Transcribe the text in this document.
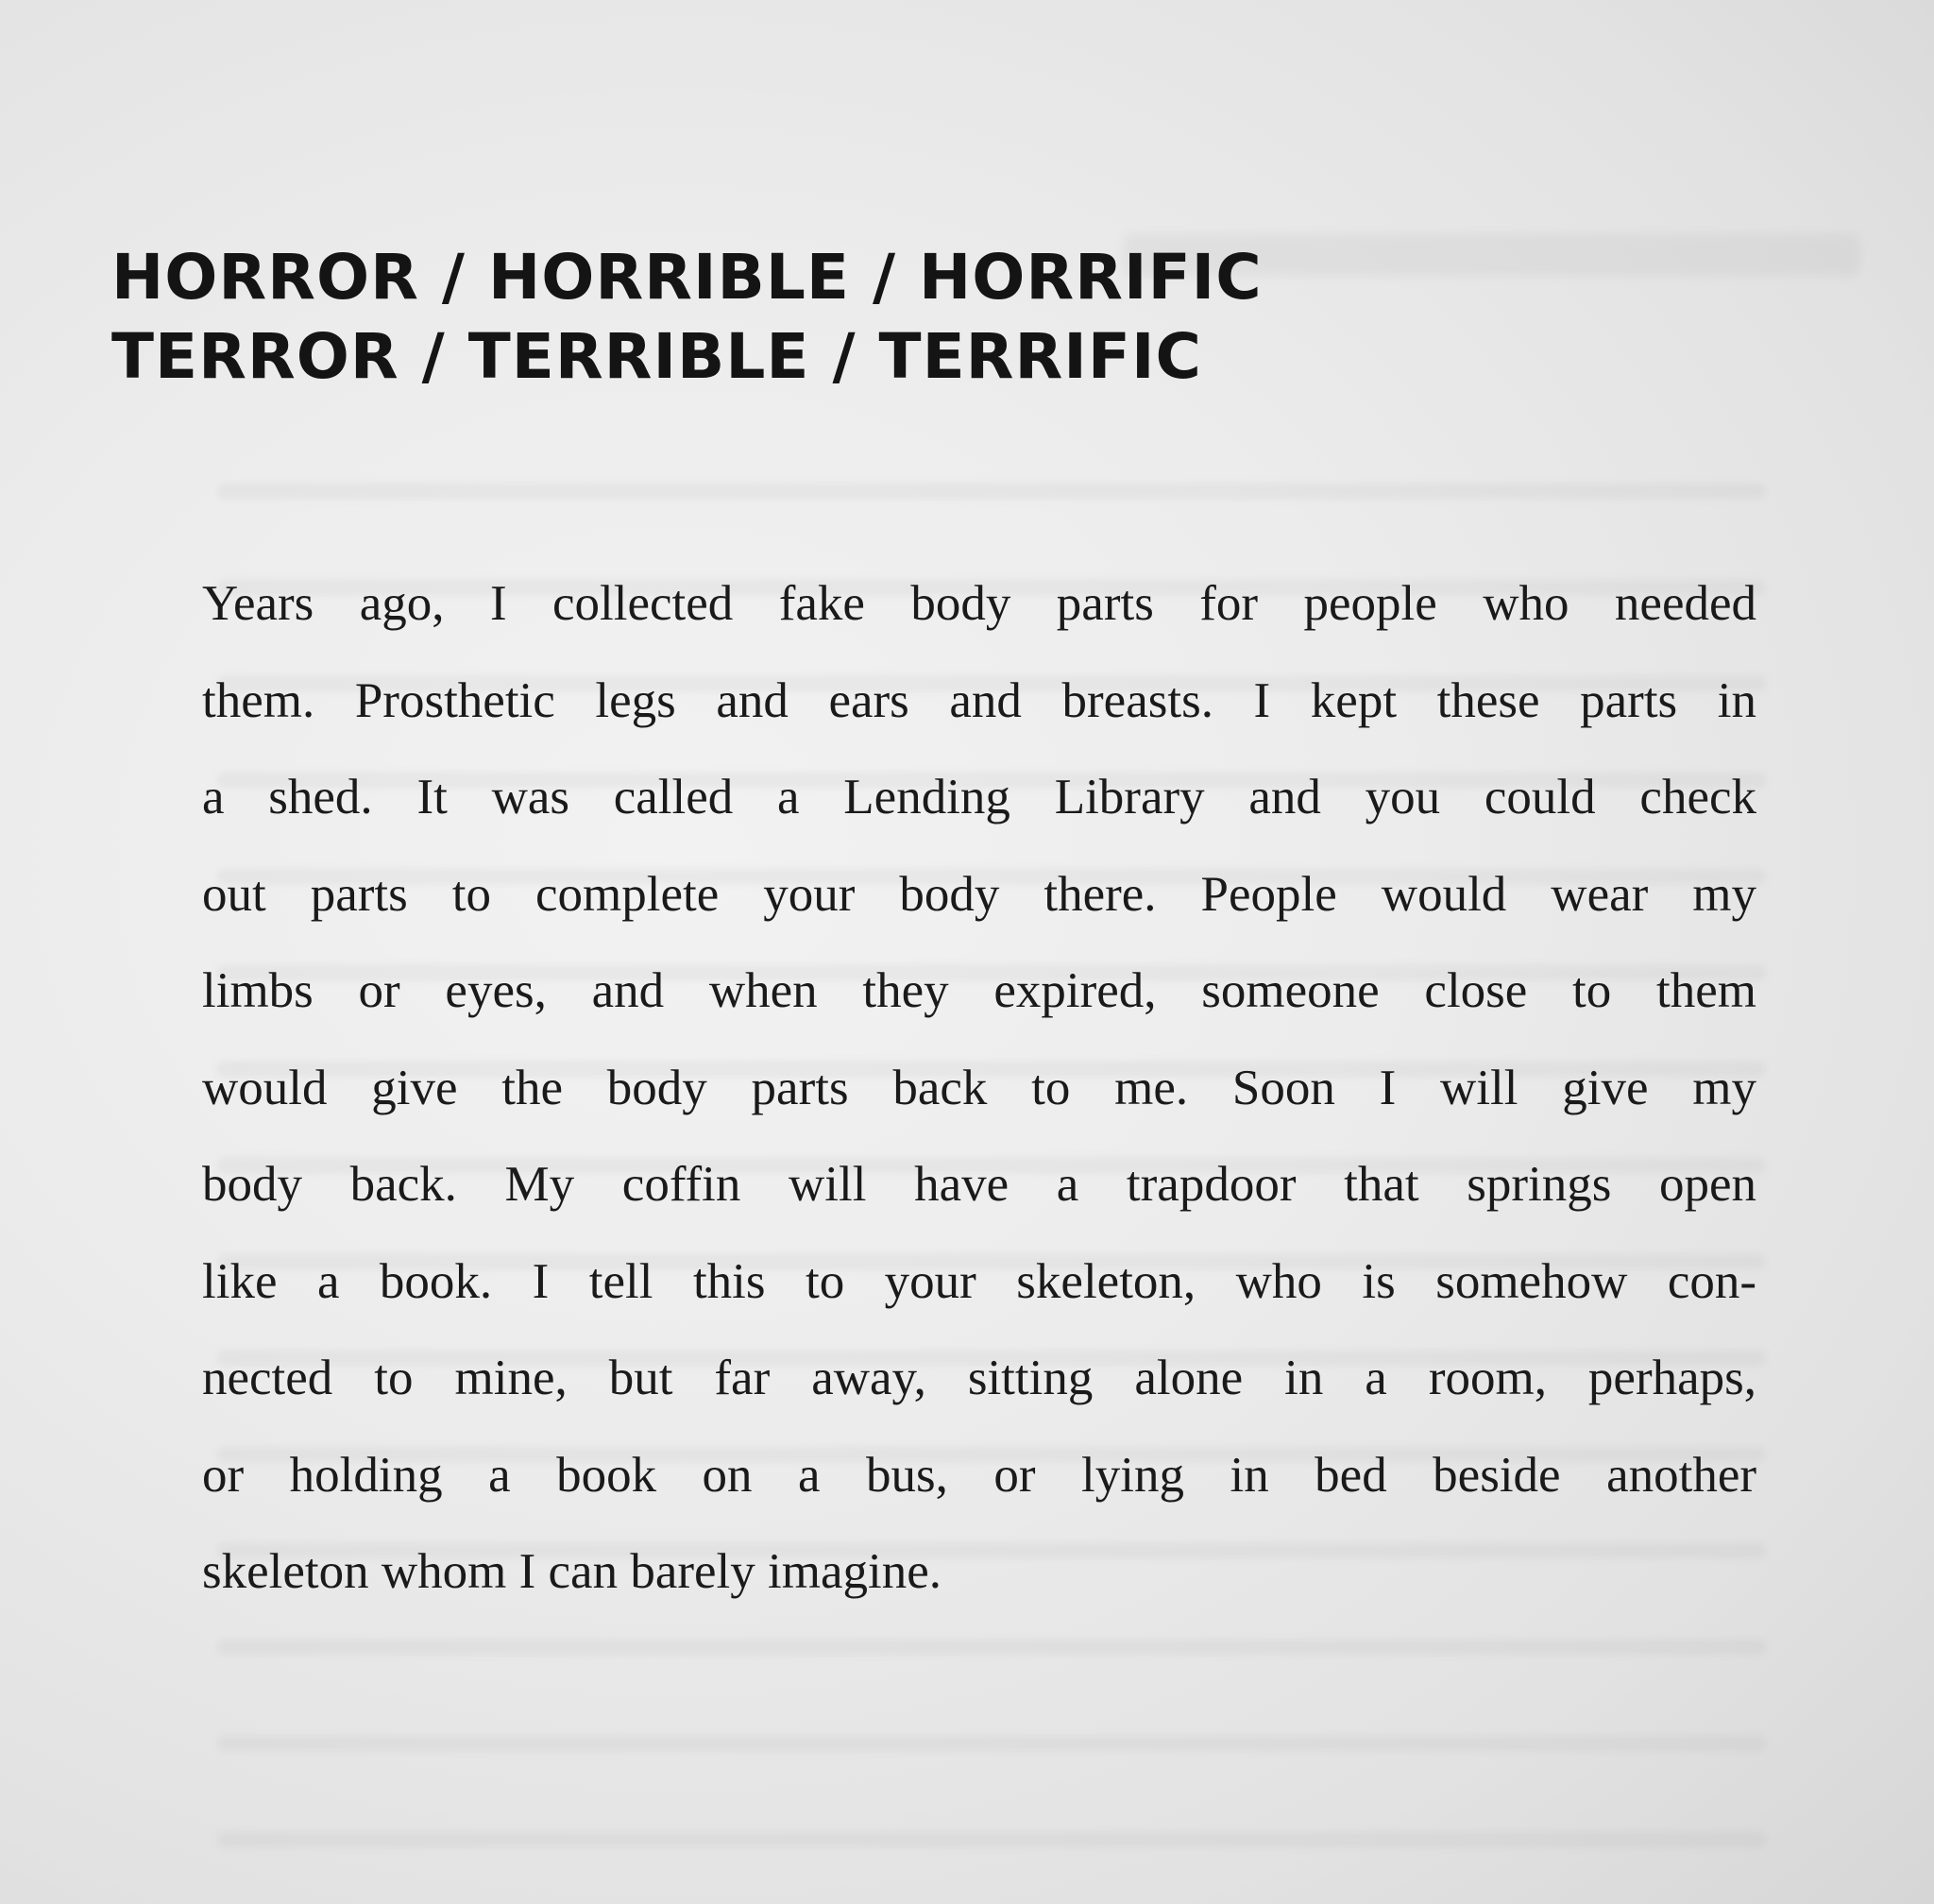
HORROR / HORRIBLE / HORRIFIC
TERROR / TERRIBLE / TERRIFIC

Years ago, I collected fake body parts for people who needed
them. Prosthetic legs and ears and breasts. I kept these parts in
a shed. It was called a Lending Library and you could check
out parts to complete your body there. People would wear my
limbs or eyes, and when they expired, someone close to them
would give the body parts back to me. Soon I will give my
body back. My coffin will have a trapdoor that springs open
like a book. I tell this to your skeleton, who is somehow con-
nected to mine, but far away, sitting alone in a room, perhaps,
or holding a book on a bus, or lying in bed beside another
skeleton whom I can barely imagine.
